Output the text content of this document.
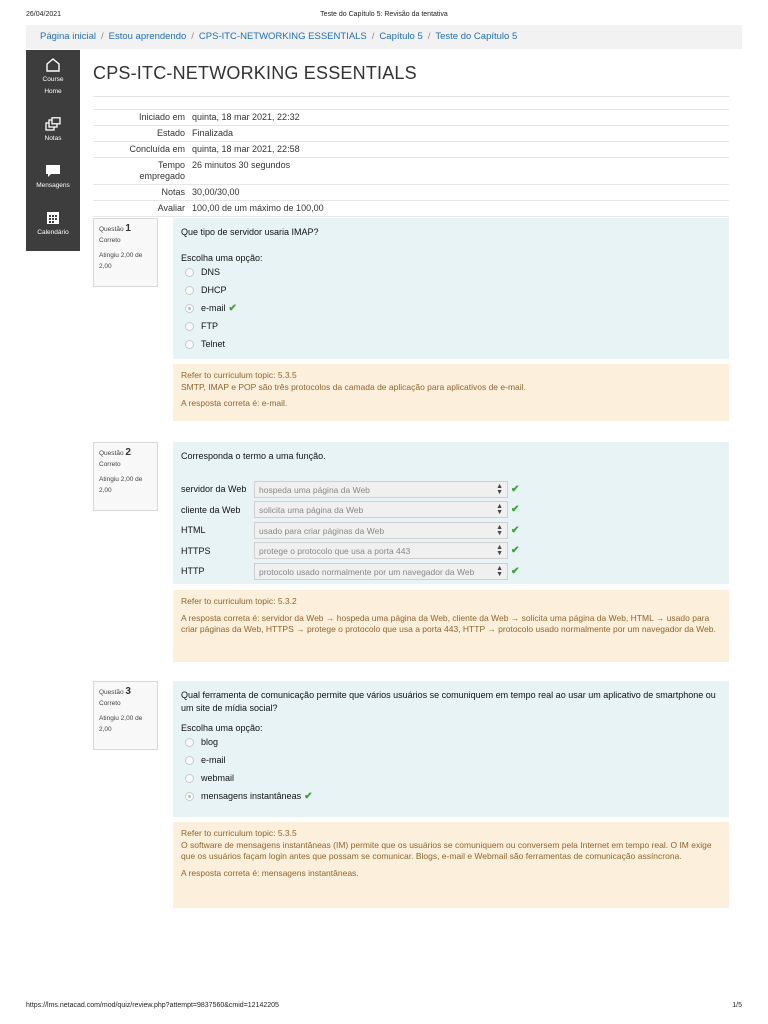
26/04/2021	Teste do Capítulo 5: Revisão da tentativa
Página inicial / Estou aprendendo / CPS-ITC-NETWORKING ESSENTIALS / Capítulo 5 / Teste do Capítulo 5
Course
Home
Notas
Mensagens
Calendário
CPS-ITC-NETWORKING ESSENTIALS
Iniciado em	quinta, 18 mar 2021, 22:32
Estado	Finalizada
Concluída em	quinta, 18 mar 2021, 22:58
Tempo
empregado	26 minutos 30 segundos
Notas	30,00/30,00
Avaliar	100,00 de um máximo de 100,00
Questão 1
Correto
Atingiu 2,00 de
2,00
Que tipo de servidor usaria IMAP?
Escolha uma opção:
DNS
DHCP
e-mail ✔
FTP
Telnet
Refer to curriculum topic: 5.3.5
SMTP, IMAP e POP são três protocolos da camada de aplicação para aplicativos de e-mail.
A resposta correta é: e-mail.
Questão 2
Correto
Atingiu 2,00 de
2,00
Corresponda o termo a uma função.
servidor da Web	hospeda uma página da Web	▲
▼ ✔
cliente da Web	solicita uma página da Web	▲
▼ ✔
HTML	usado para criar páginas da Web	▲
▼ ✔
HTTPS	protege o protocolo que usa a porta 443	▲
▼ ✔
HTTP	protocolo usado normalmente por um navegador da Web	▲
▼ ✔
Refer to curriculum topic: 5.3.2
A resposta correta é: servidor da Web → hospeda uma página da Web, cliente da Web → solicita uma página da Web, HTML → usado para criar páginas da Web, HTTPS → protege o protocolo que usa a porta 443, HTTP → protocolo usado normalmente por um navegador da Web.
Questão 3
Correto
Atingiu 2,00 de
2,00
Qual ferramenta de comunicação permite que vários usuários se comuniquem em tempo real ao usar um aplicativo de smartphone ou um site de mídia social?
Escolha uma opção:
blog
e-mail
webmail
mensagens instantâneas ✔
Refer to curriculum topic: 5.3.5
O software de mensagens instantâneas (IM) permite que os usuários se comuniquem ou conversem pela Internet em tempo real. O IM exige que os usuários façam login antes que possam se comunicar. Blogs, e-mail e Webmail são ferramentas de comunicação assíncrona.
A resposta correta é: mensagens instantâneas.
https://lms.netacad.com/mod/quiz/review.php?attempt=9837560&cmid=12142205	1/5
